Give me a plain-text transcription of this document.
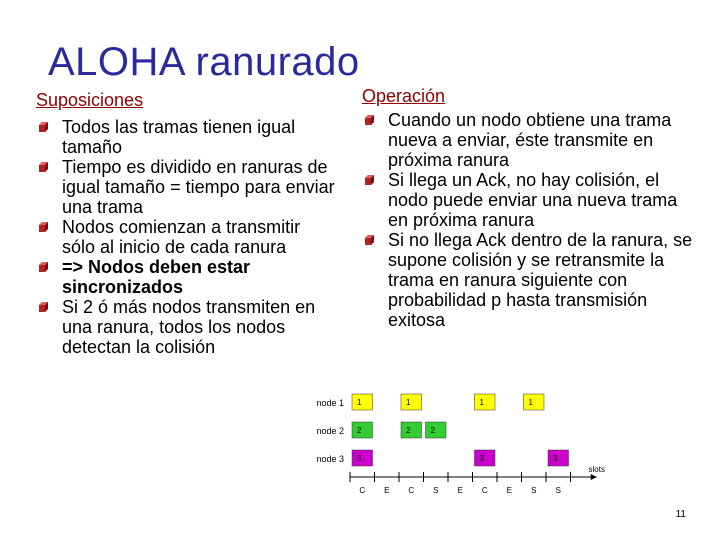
ALOHA ranurado
Suposiciones
Todos las tramas tienen igual tamaño
Tiempo es dividido en ranuras de igual tamaño = tiempo para enviar una trama
Nodos comienzan a transmitir sólo al inicio de cada ranura
=> Nodos deben estar sincronizados
Si 2 ó más nodos transmiten en una ranura, todos los nodos detectan la colisión
Operación
Cuando un nodo obtiene una trama nueva a enviar, éste transmite en próxima ranura
Si llega un Ack, no hay colisión, el nodo puede enviar una nueva trama en próxima ranura
Si no llega Ack dentro de la ranura, se supone colisión y se retransmite la trama en ranura siguiente con probabilidad p hasta transmisión exitosa
node 1
node 2
node 3
C E C S E C E S S
slots
1	1	1	1
2	2	2
3	3	3
11
